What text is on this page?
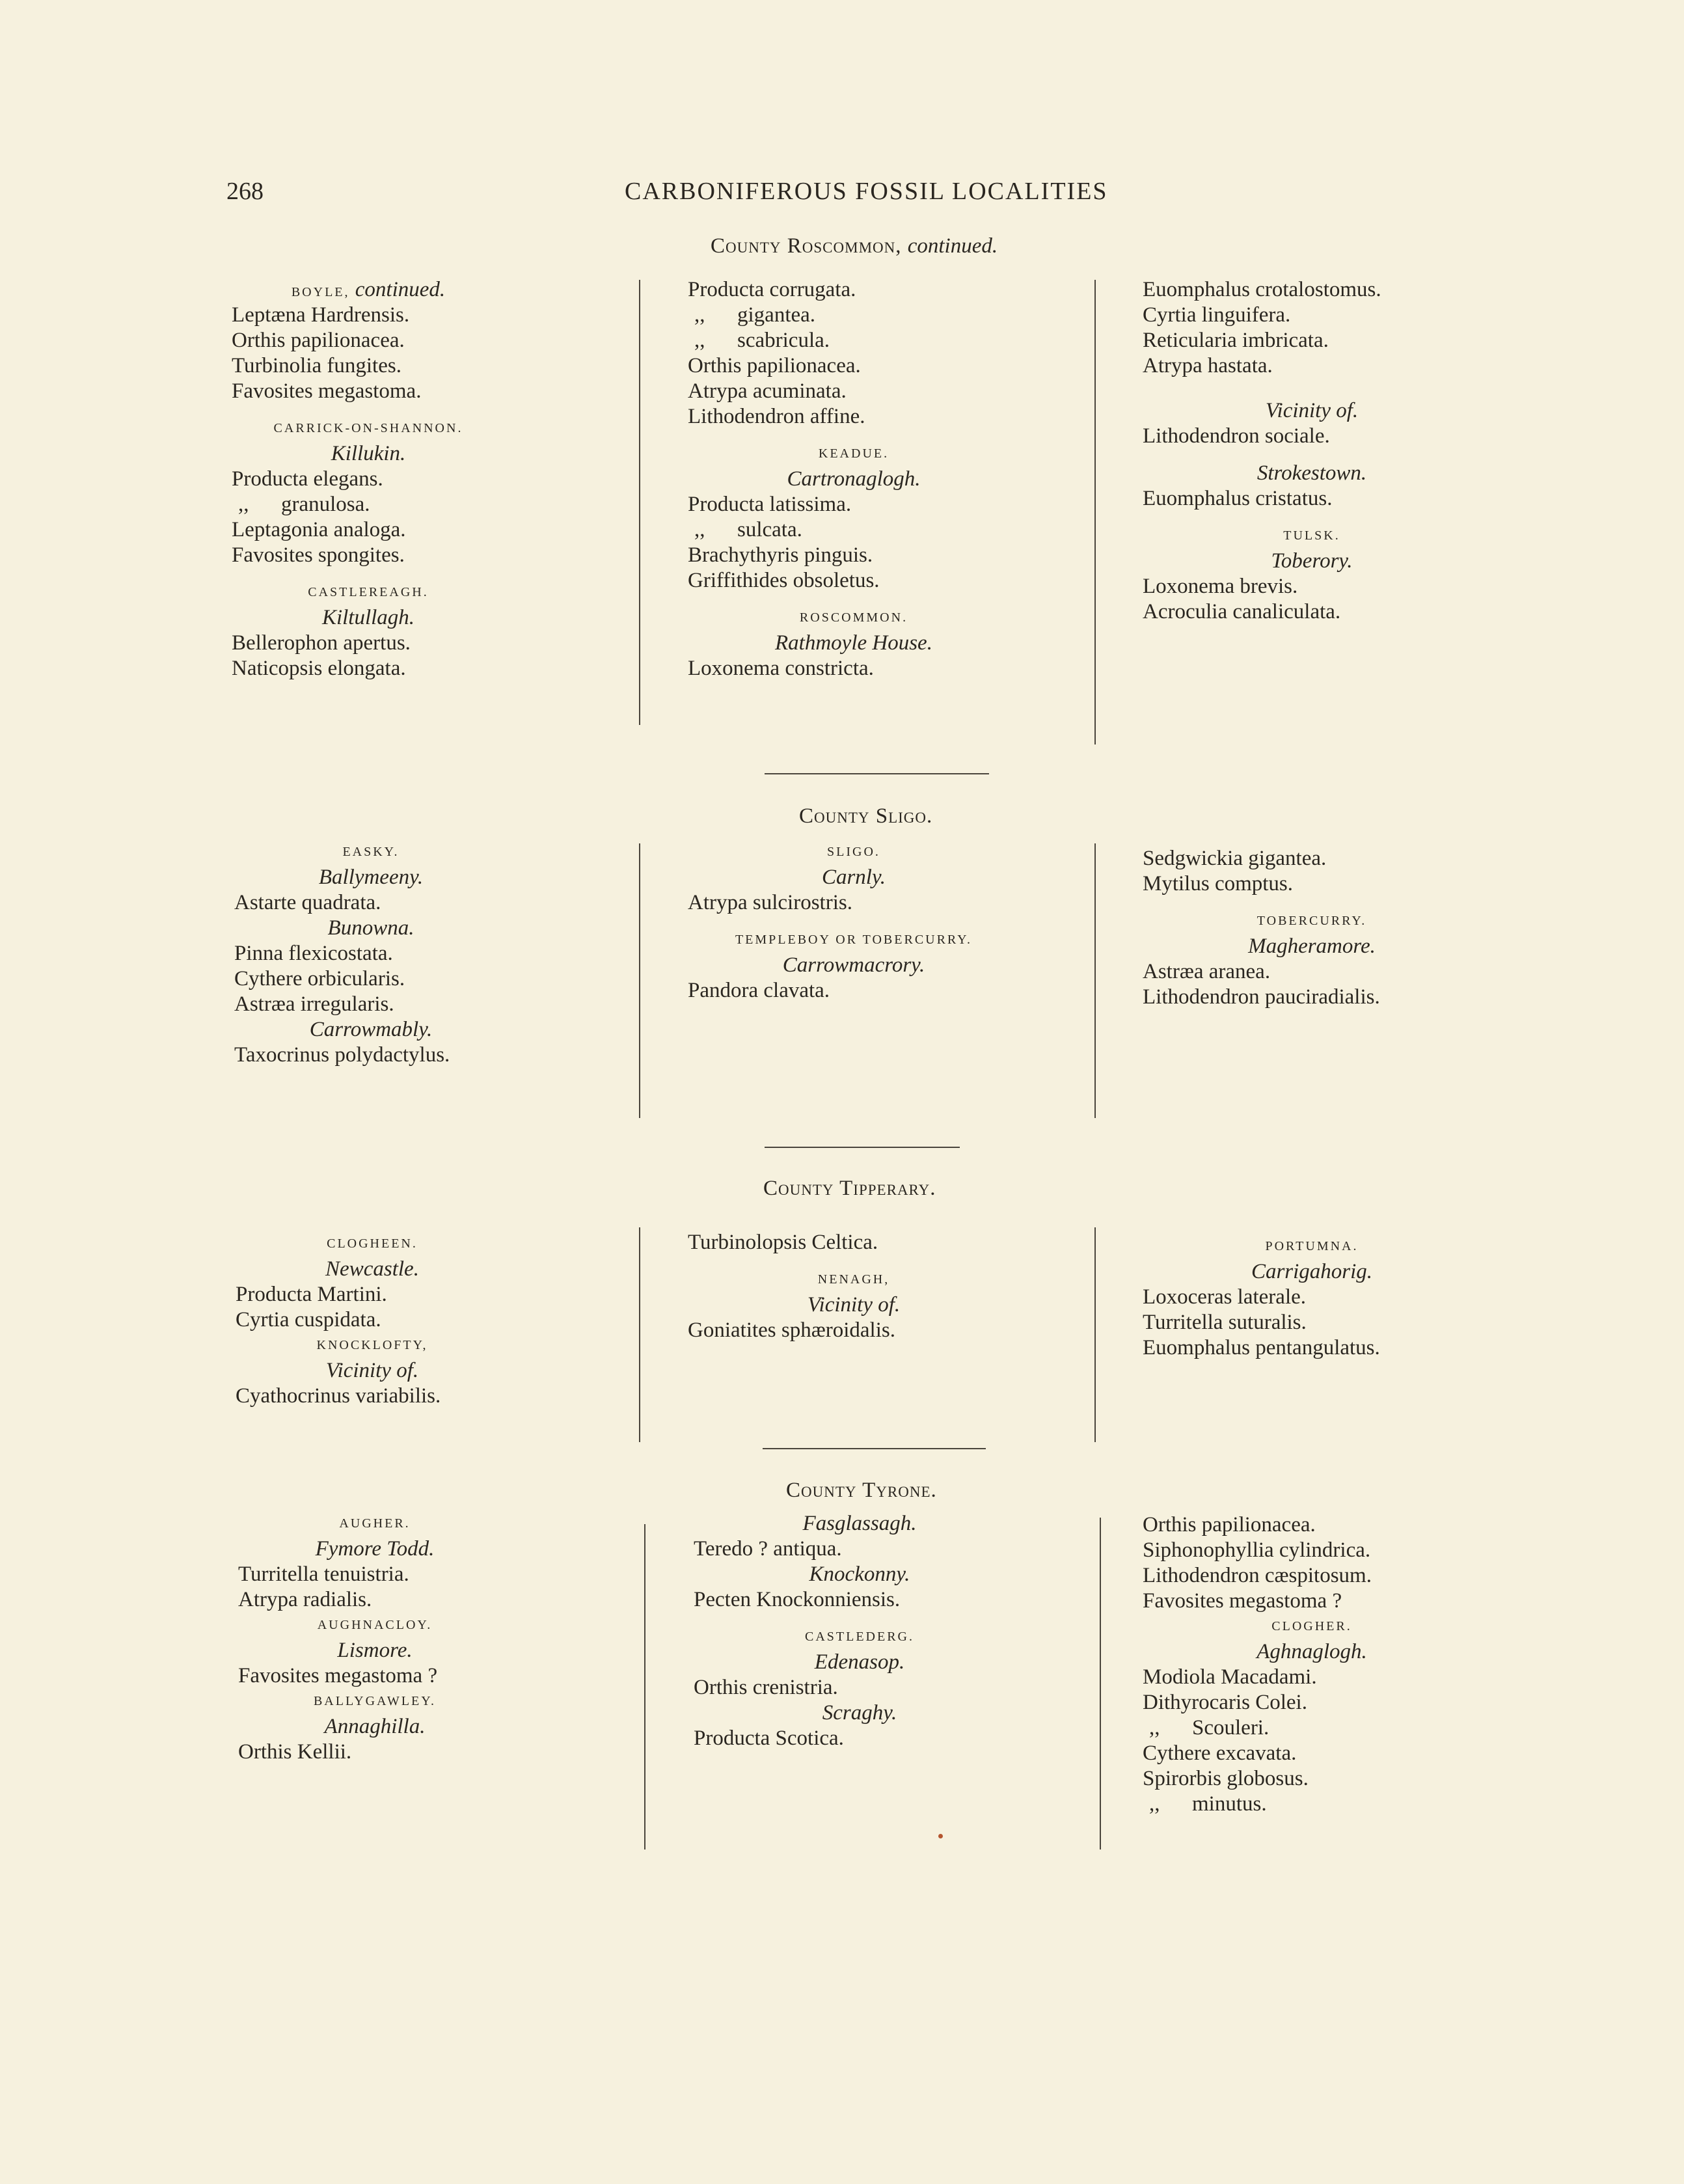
268	CARBONIFEROUS FOSSIL LOCALITIES
County Roscommon, continued.
BOYLE, continued.
Leptæna Hardrensis.
Orthis papilionacea.
Turbinolia fungites.
Favosites megastoma.
CARRICK-ON-SHANNON.
Killukin.
Producta elegans.
,, granulosa.
Leptagonia analoga.
Favosites spongites.
CASTLEREAGH.
Kiltullagh.
Bellerophon apertus.
Naticopsis elongata.
Producta corrugata.
,, gigantea.
,, scabricula.
Orthis papilionacea.
Atrypa acuminata.
Lithodendron affine.
KEADUE.
Cartronaglogh.
Producta latissima.
,, sulcata.
Brachythyris pinguis.
Griffithides obsoletus.
ROSCOMMON.
Rathmoyle House.
Loxonema constricta.
Euomphalus crotalostomus.
Cyrtia linguifera.
Reticularia imbricata.
Atrypa hastata.
Vicinity of.
Lithodendron sociale.
Strokestown.
Euomphalus cristatus.
TULSK.
Toberory.
Loxonema brevis.
Acroculia canaliculata.
County Sligo.
EASKY.
Ballymeeny.
Astarte quadrata.
Bunowna.
Pinna flexicostata.
Cythere orbicularis.
Astræa irregularis.
Carrowmably.
Taxocrinus polydactylus.
SLIGO.
Carnly.
Atrypa sulcirostris.
TEMPLEBOY OR TOBERCURRY.
Carrowmacrory.
Pandora clavata.
Sedgwickia gigantea.
Mytilus comptus.
TOBERCURRY.
Magheramore.
Astræa aranea.
Lithodendron pauciradialis.
County Tipperary.
CLOGHEEN.
Newcastle.
Producta Martini.
Cyrtia cuspidata.
KNOCKLOFTY,
Vicinity of.
Cyathocrinus variabilis.
Turbinolopsis Celtica.
NENAGH,
Vicinity of.
Goniatites sphæroidalis.
PORTUMNA.
Carrigahorig.
Loxoceras laterale.
Turritella suturalis.
Euomphalus pentangulatus.
County Tyrone.
AUGHER.
Fymore Todd.
Turritella tenuistria.
Atrypa radialis.
AUGHNACLOY.
Lismore.
Favosites megastoma ?
BALLYGAWLEY.
Annaghilla.
Orthis Kellii.
Fasglassagh.
Teredo ? antiqua.
Knockonny.
Pecten Knockonniensis.
CASTLEDERG.
Edenasop.
Orthis crenistria.
Scraghy.
Producta Scotica.
Orthis papilionacea.
Siphonophyllia cylindrica.
Lithodendron cæspitosum.
Favosites megastoma ?
CLOGHER.
Aghnaglogh.
Modiola Macadami.
Dithyrocaris Colei.
,, Scouleri.
Cythere excavata.
Spirorbis globosus.
,, minutus.
